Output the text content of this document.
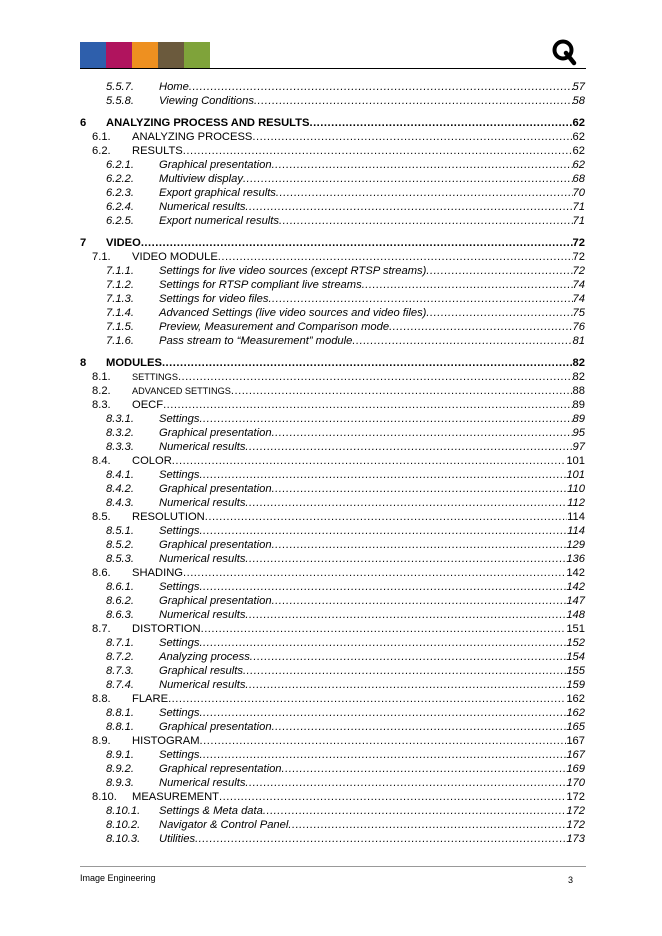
5.5.7.	Home .....	57
5.5.8.	Viewing Conditions .....	58
6	ANALYZING PROCESS AND RESULTS .....	62
6.1.	ANALYZING PROCESS .....	62
6.2.	RESULTS .....	62
6.2.1.	Graphical presentation .....	62
6.2.2.	Multiview display .....	68
6.2.3.	Export graphical results .....	70
6.2.4.	Numerical results .....	71
6.2.5.	Export numerical results .....	71
7	VIDEO .....	72
7.1.	VIDEO MODULE .....	72
7.1.1.	Settings for live video sources (except RTSP streams) .....	72
7.1.2.	Settings for RTSP compliant live streams .....	74
7.1.3.	Settings for video files .....	74
7.1.4.	Advanced Settings (live video sources and video files) .....	75
7.1.5.	Preview, Measurement and Comparison mode .....	76
7.1.6.	Pass stream to “Measurement” module .....	81
8	MODULES .....	82
8.1.	SETTINGS .....	82
8.2.	ADVANCED SETTINGS .....	88
8.3.	OECF .....	89
8.3.1.	Settings .....	89
8.3.2.	Graphical presentation .....	95
8.3.3.	Numerical results .....	97
8.4.	COLOR .....	101
8.4.1.	Settings .....	101
8.4.2.	Graphical presentation .....	110
8.4.3.	Numerical results .....	112
8.5.	RESOLUTION .....	114
8.5.1.	Settings .....	114
8.5.2.	Graphical presentation .....	129
8.5.3.	Numerical results .....	136
8.6.	SHADING .....	142
8.6.1.	Settings .....	142
8.6.2.	Graphical presentation .....	147
8.6.3.	Numerical results .....	148
8.7.	DISTORTION .....	151
8.7.1.	Settings .....	152
8.7.2.	Analyzing process .....	154
8.7.3.	Graphical results .....	155
8.7.4.	Numerical results .....	159
8.8.	FLARE .....	162
8.8.1.	Settings .....	162
8.8.1.	Graphical presentation .....	165
8.9.	HISTOGRAM .....	167
8.9.1.	Settings .....	167
8.9.2.	Graphical representation .....	169
8.9.3.	Numerical results .....	170
8.10.	MEASUREMENT .....	172
8.10.1.	Settings & Meta data .....	172
8.10.2.	Navigator & Control Panel .....	172
8.10.3.	Utilities .....	173
Image Engineering	3
